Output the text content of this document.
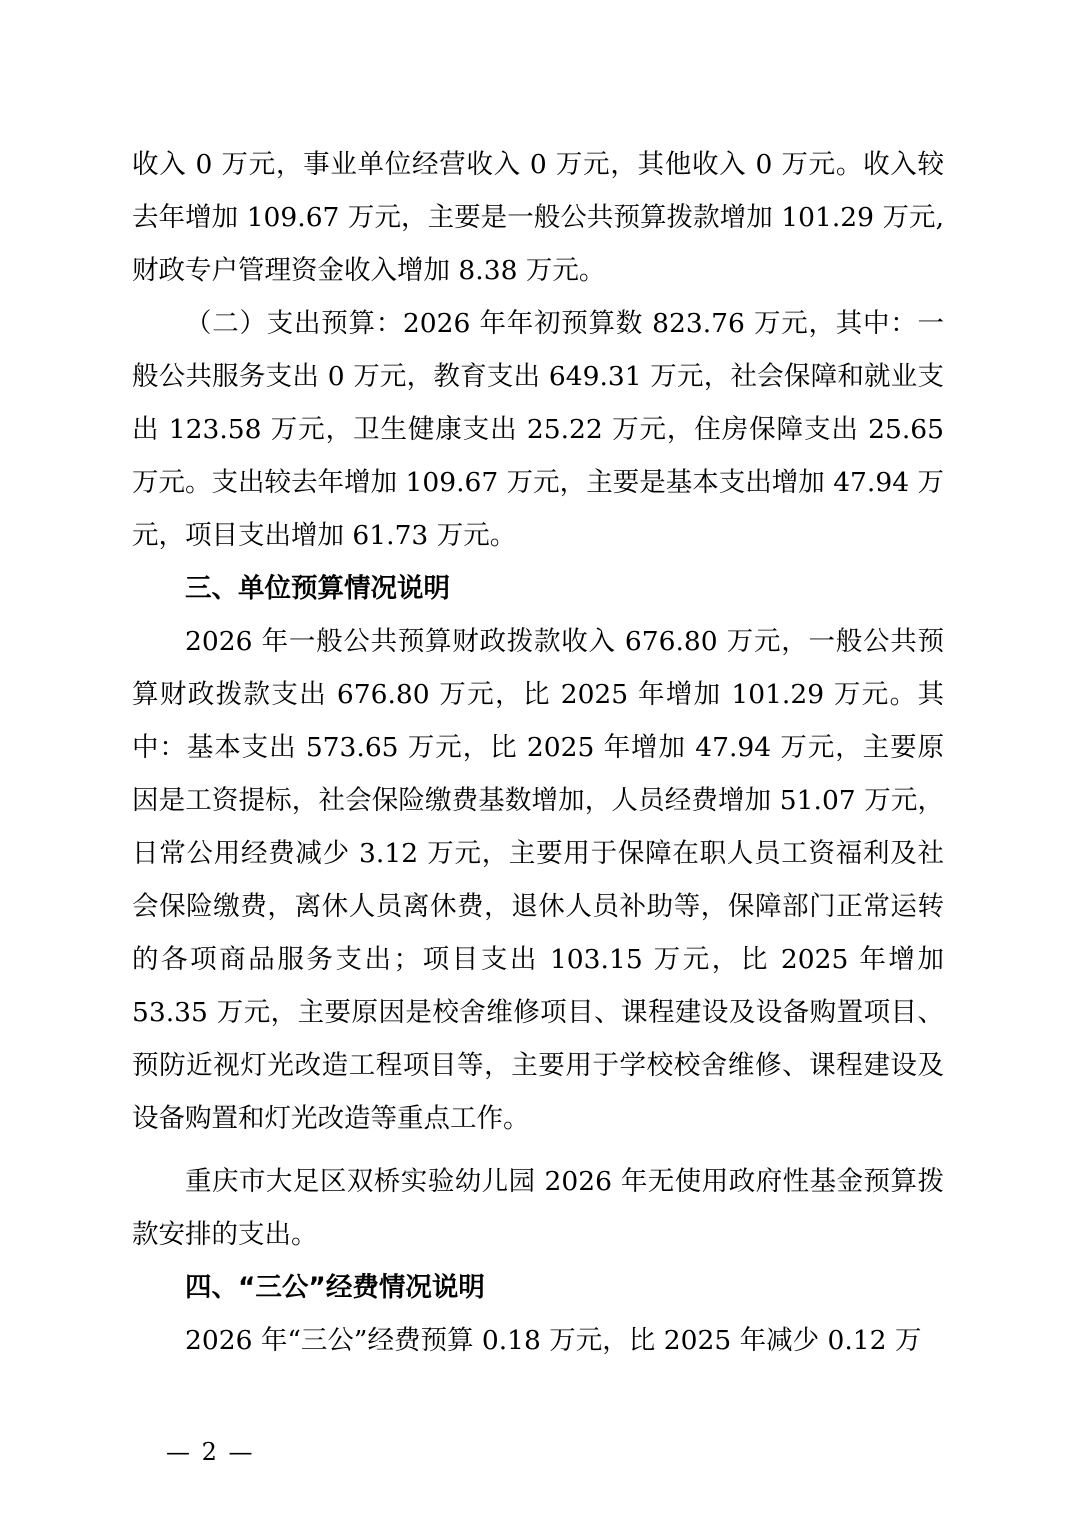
收入 0 万元，事业单位经营收入 0 万元，其他收入 0 万元。收入较去年增加 109.67 万元，主要是一般公共预算拨款增加 101.29 万元,财政专户管理资金收入增加 8.38 万元。

（二）支出预算：2026 年年初预算数 823.76 万元，其中：一般公共服务支出 0 万元，教育支出 649.31 万元，社会保障和就业支出 123.58 万元，卫生健康支出 25.22 万元，住房保障支出 25.65 万元。支出较去年增加 109.67 万元，主要是基本支出增加 47.94 万元，项目支出增加 61.73 万元。

三、单位预算情况说明

2026 年一般公共预算财政拨款收入 676.80 万元，一般公共预算财政拨款支出 676.80 万元，比 2025 年增加 101.29 万元。其中：基本支出 573.65 万元，比 2025 年增加 47.94 万元，主要原因是工资提标，社会保险缴费基数增加，人员经费增加 51.07 万元，日常公用经费减少 3.12 万元，主要用于保障在职人员工资福利及社会保险缴费，离休人员离休费，退休人员补助等，保障部门正常运转的各项商品服务支出；项目支出 103.15 万元，比 2025 年增加 53.35 万元，主要原因是校舍维修项目、课程建设及设备购置项目、预防近视灯光改造工程项目等，主要用于学校校舍维修、课程建设及设备购置和灯光改造等重点工作。

重庆市大足区双桥实验幼儿园 2026 年无使用政府性基金预算拨款安排的支出。

四、“三公”经费情况说明

2026 年“三公”经费预算 0.18 万元，比 2025 年减少 0.12 万

— 2 —
